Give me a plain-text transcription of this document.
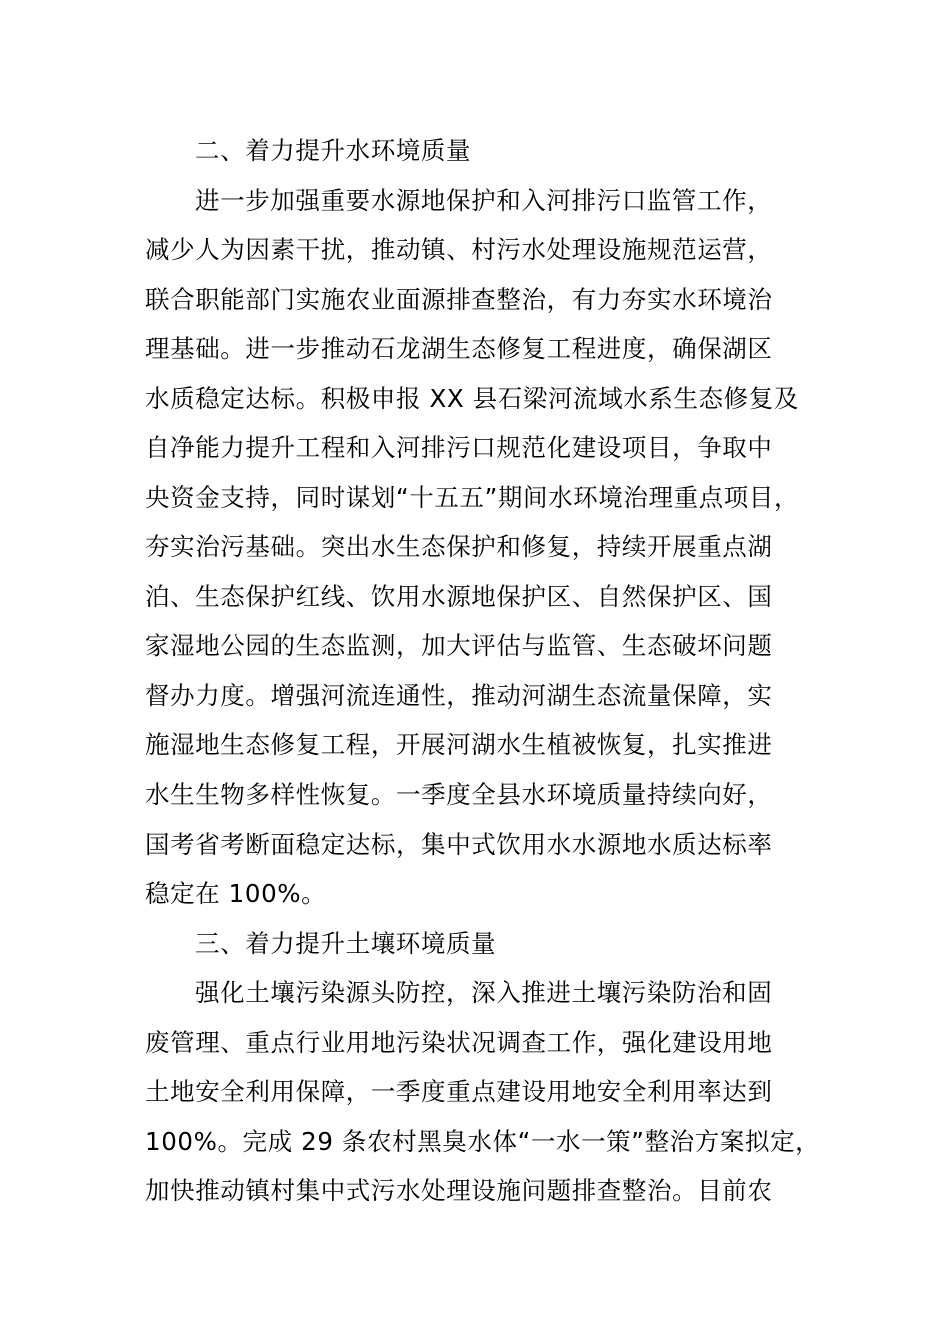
二、着力提升水环境质量
进一步加强重要水源地保护和入河排污口监管工作，
减少人为因素干扰，推动镇、村污水处理设施规范运营，
联合职能部门实施农业面源排查整治，有力夯实水环境治
理基础。进一步推动石龙湖生态修复工程进度，确保湖区
水质稳定达标。积极申报 XX 县石梁河流域水系生态修复及
自净能力提升工程和入河排污口规范化建设项目，争取中
央资金支持，同时谋划“十五五”期间水环境治理重点项目，
夯实治污基础。突出水生态保护和修复，持续开展重点湖
泊、生态保护红线、饮用水源地保护区、自然保护区、国
家湿地公园的生态监测，加大评估与监管、生态破坏问题
督办力度。增强河流连通性，推动河湖生态流量保障，实
施湿地生态修复工程，开展河湖水生植被恢复，扎实推进
水生生物多样性恢复。一季度全县水环境质量持续向好，
国考省考断面稳定达标，集中式饮用水水源地水质达标率
稳定在 100%。
三、着力提升土壤环境质量
强化土壤污染源头防控，深入推进土壤污染防治和固
废管理、重点行业用地污染状况调查工作，强化建设用地
土地安全利用保障，一季度重点建设用地安全利用率达到
100%。完成 29 条农村黑臭水体“一水一策”整治方案拟定，
加快推动镇村集中式污水处理设施问题排查整治。目前农
